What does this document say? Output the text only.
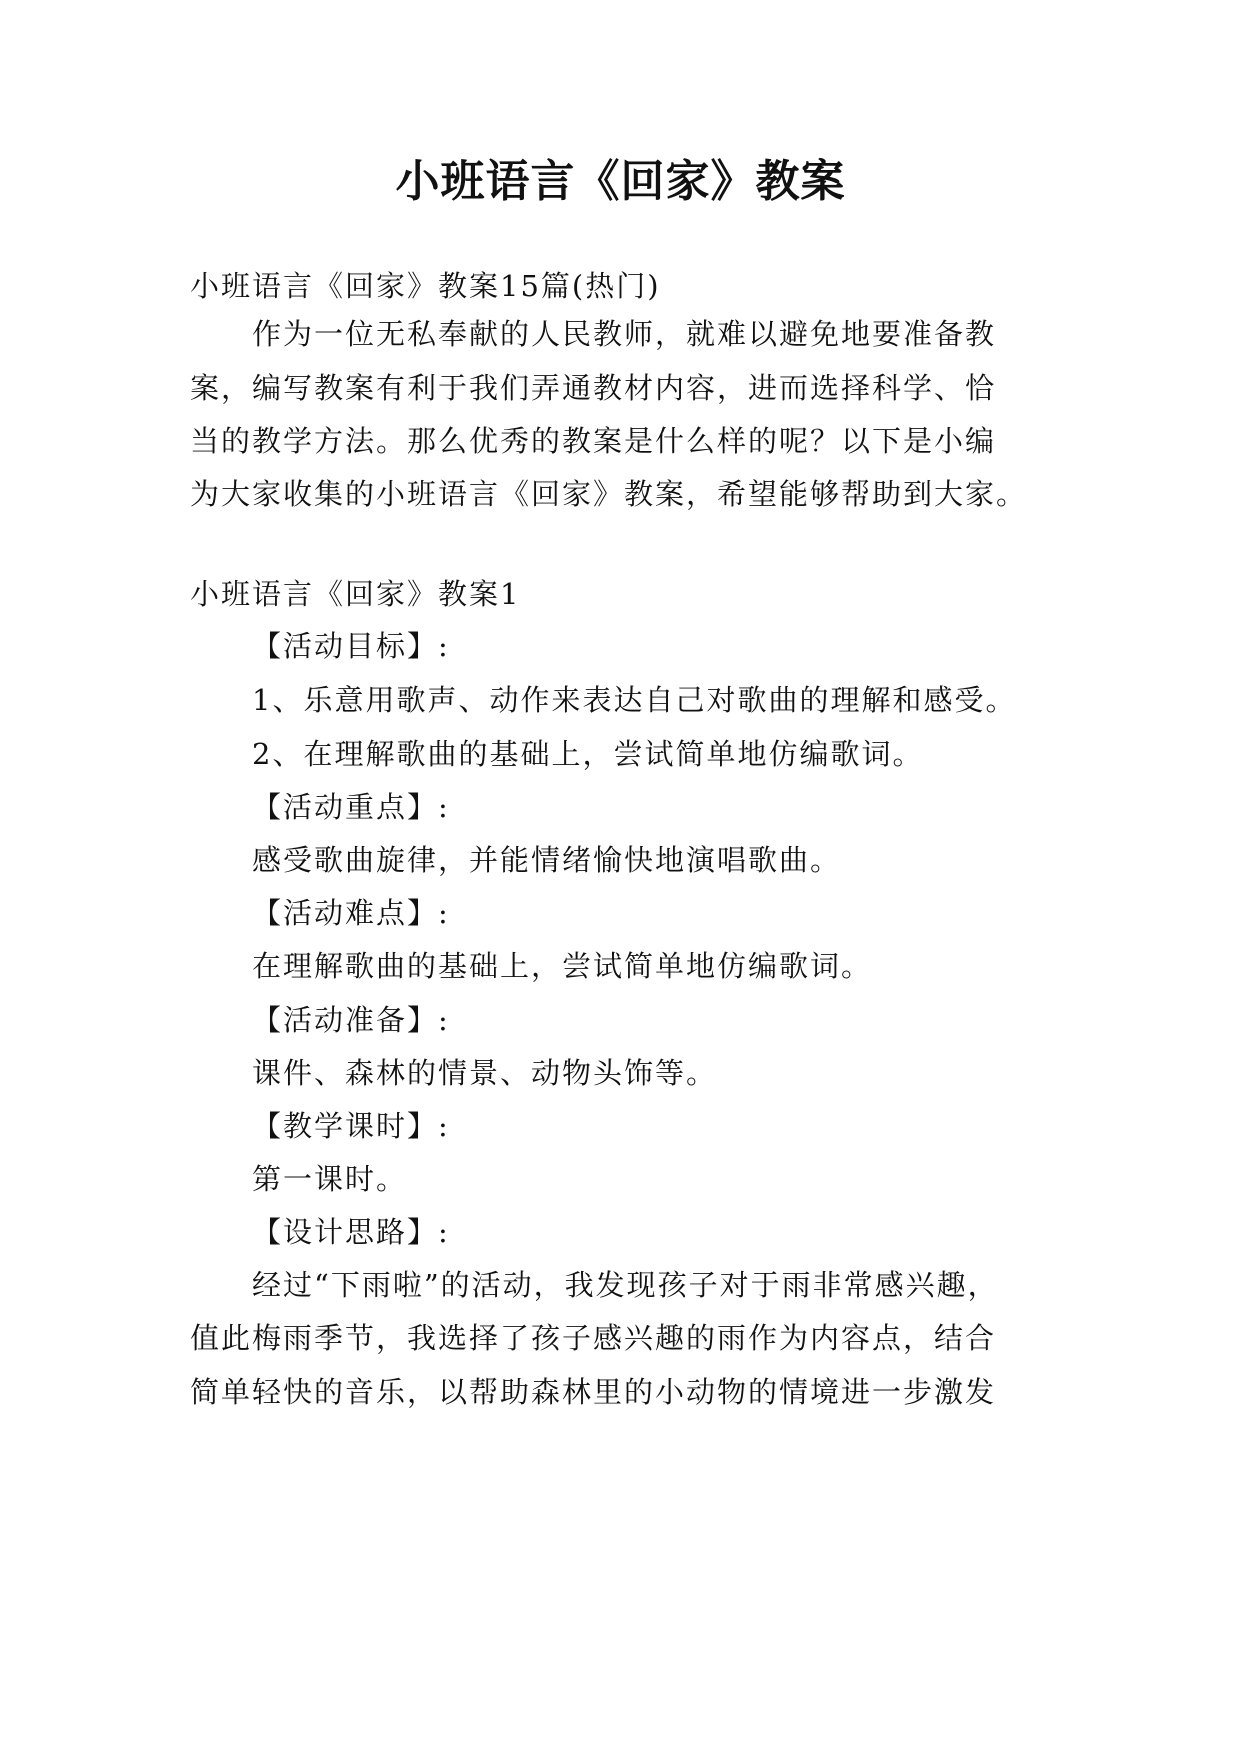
小班语言《回家》教案
小班语言《回家》教案15篇(热门)
作为一位无私奉献的人民教师，就难以避免地要准备教
案，编写教案有利于我们弄通教材内容，进而选择科学、恰
当的教学方法。那么优秀的教案是什么样的呢？以下是小编
为大家收集的小班语言《回家》教案，希望能够帮助到大家。
小班语言《回家》教案1
【活动目标】:
1、乐意用歌声、动作来表达自己对歌曲的理解和感受。
2、在理解歌曲的基础上，尝试简单地仿编歌词。
【活动重点】:
感受歌曲旋律，并能情绪愉快地演唱歌曲。
【活动难点】:
在理解歌曲的基础上，尝试简单地仿编歌词。
【活动准备】:
课件、森林的情景、动物头饰等。
【教学课时】:
第一课时。
【设计思路】:
经过“下雨啦”的活动，我发现孩子对于雨非常感兴趣，
值此梅雨季节，我选择了孩子感兴趣的雨作为内容点，结合
简单轻快的音乐，以帮助森林里的小动物的情境进一步激发
